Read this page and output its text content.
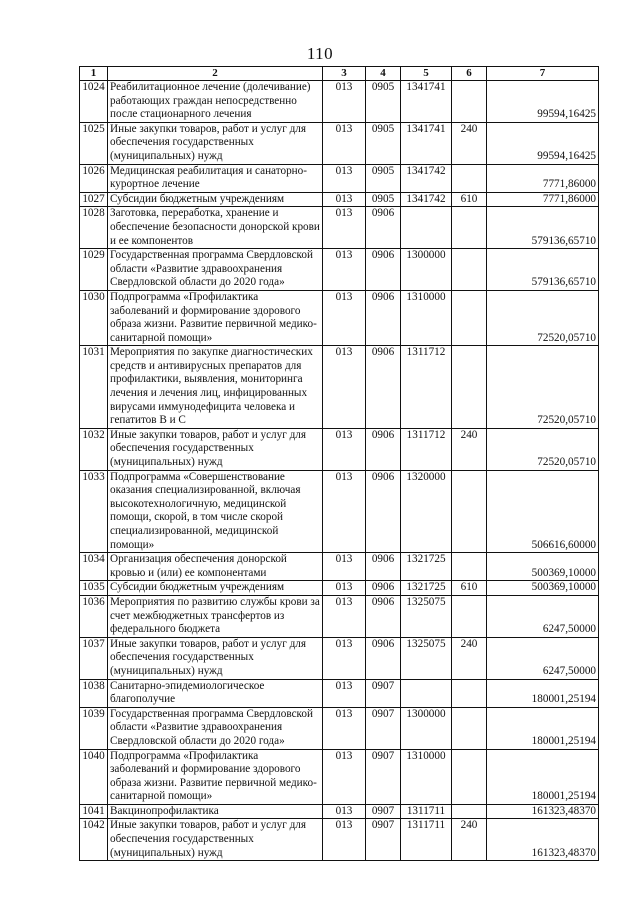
110
1	2	3	4	5	6	7
1024	Реабилитационное лечение (долечивание) работающих граждан непосредственно после стационарного лечения	013	0905	1341741		99594,16425
1025	Иные закупки товаров, работ и услуг для обеспечения государственных (муниципальных) нужд	013	0905	1341741	240	99594,16425
1026	Медицинская реабилитация и санаторно-курортное лечение	013	0905	1341742		7771,86000
1027	Субсидии бюджетным учреждениям	013	0905	1341742	610	7771,86000
1028	Заготовка, переработка, хранение и обеспечение безопасности донорской крови и ее компонентов	013	0906			579136,65710
1029	Государственная программа Свердловской области «Развитие здравоохранения Свердловской области до 2020 года»	013	0906	1300000		579136,65710
1030	Подпрограмма «Профилактика заболеваний и формирование здорового образа жизни. Развитие первичной медико-санитарной помощи»	013	0906	1310000		72520,05710
1031	Мероприятия по закупке диагностических средств и антивирусных препаратов для профилактики, выявления, мониторинга лечения и лечения лиц, инфицированных вирусами иммунодефицита человека и гепатитов В и С	013	0906	1311712		72520,05710
1032	Иные закупки товаров, работ и услуг для обеспечения государственных (муниципальных) нужд	013	0906	1311712	240	72520,05710
1033	Подпрограмма «Совершенствование оказания специализированной, включая высокотехнологичную, медицинской помощи, скорой, в том числе скорой специализированной, медицинской помощи»	013	0906	1320000		506616,60000
1034	Организация обеспечения донорской кровью и (или) ее компонентами	013	0906	1321725		500369,10000
1035	Субсидии бюджетным учреждениям	013	0906	1321725	610	500369,10000
1036	Мероприятия по развитию службы крови за счет межбюджетных трансфертов из федерального бюджета	013	0906	1325075		6247,50000
1037	Иные закупки товаров, работ и услуг для обеспечения государственных (муниципальных) нужд	013	0906	1325075	240	6247,50000
1038	Санитарно-эпидемиологическое благополучие	013	0907			180001,25194
1039	Государственная программа Свердловской области «Развитие здравоохранения Свердловской области до 2020 года»	013	0907	1300000		180001,25194
1040	Подпрограмма «Профилактика заболеваний и формирование здорового образа жизни. Развитие первичной медико-санитарной помощи»	013	0907	1310000		180001,25194
1041	Вакцинопрофилактика	013	0907	1311711		161323,48370
1042	Иные закупки товаров, работ и услуг для обеспечения государственных (муниципальных) нужд	013	0907	1311711	240	161323,48370
